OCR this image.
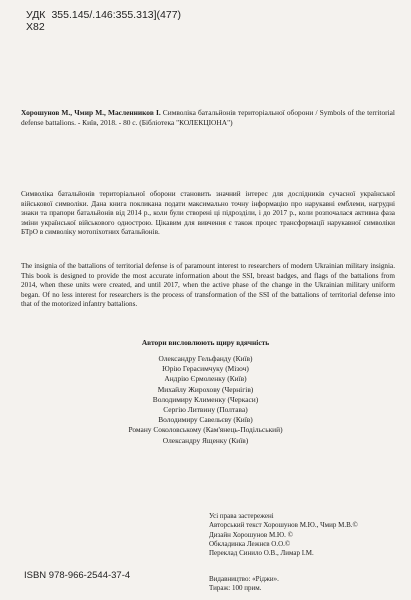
УДК 355.145/.146:355.313](477)
Х82
Хорошунов М., Чмир М., Масленников І. Символіка батальйонів територіальної оборони / Symbols of the territorial defense battalions. - Київ, 2018. - 80 с. (Бібліотека "КОЛЕКЦІОНА")
Символіка батальйонів територіальної оборони становить значний інтерес для дослідників сучасної української військової символіки. Дана книга покликана подати максимально точну інформацію про нарукавні емблеми, нагрудні знаки та прапори батальйонів від 2014 р., коли були створені ці підрозділи, і до 2017 р., коли розпочалася активна фаза зміни української військового однострою. Цікавим для вивчення є також процес трансформації нарукавної символіки БТрО в символіку мотопіхотних батальйонів.
The insignia of the battalions of territorial defense is of paramount interest to researchers of modern Ukrainian military insignia. This book is designed to provide the most accurate information about the SSI, breast badges, and flags of the battalions from 2014, when these units were created, and until 2017, when the active phase of the change in the Ukrainian military uniform began. Of no less interest for researchers is the process of transformation of the SSI of the battalions of territorial defense into that of the motorized infantry battalions.
Автори висловлюють щиру вдячність
Олександру Гельфанду (Київ)
Юрію Герасимчуку (Мізоч)
Андрію Єрмоленку (Київ)
Михайлу Жирохову (Чернігів)
Володимиру Клименку (Черкаси)
Сергію Литвину (Полтава)
Володимиру Савельєву (Київ)
Роману Соколовському (Кам'янець-Подільський)
Олександру Ященку (Київ)
Усі права застережені
Авторський текст Хорошунов М.Ю., Чмир М.В.©
Дизайн Хорошунов М.Ю. ©
Обкладинка Лежнєв О.О.©
Переклад Синило О.В., Лимар І.М.
Видавництво: «Ріджи».
Тираж: 100 прим.
ISBN 978-966-2544-37-4
